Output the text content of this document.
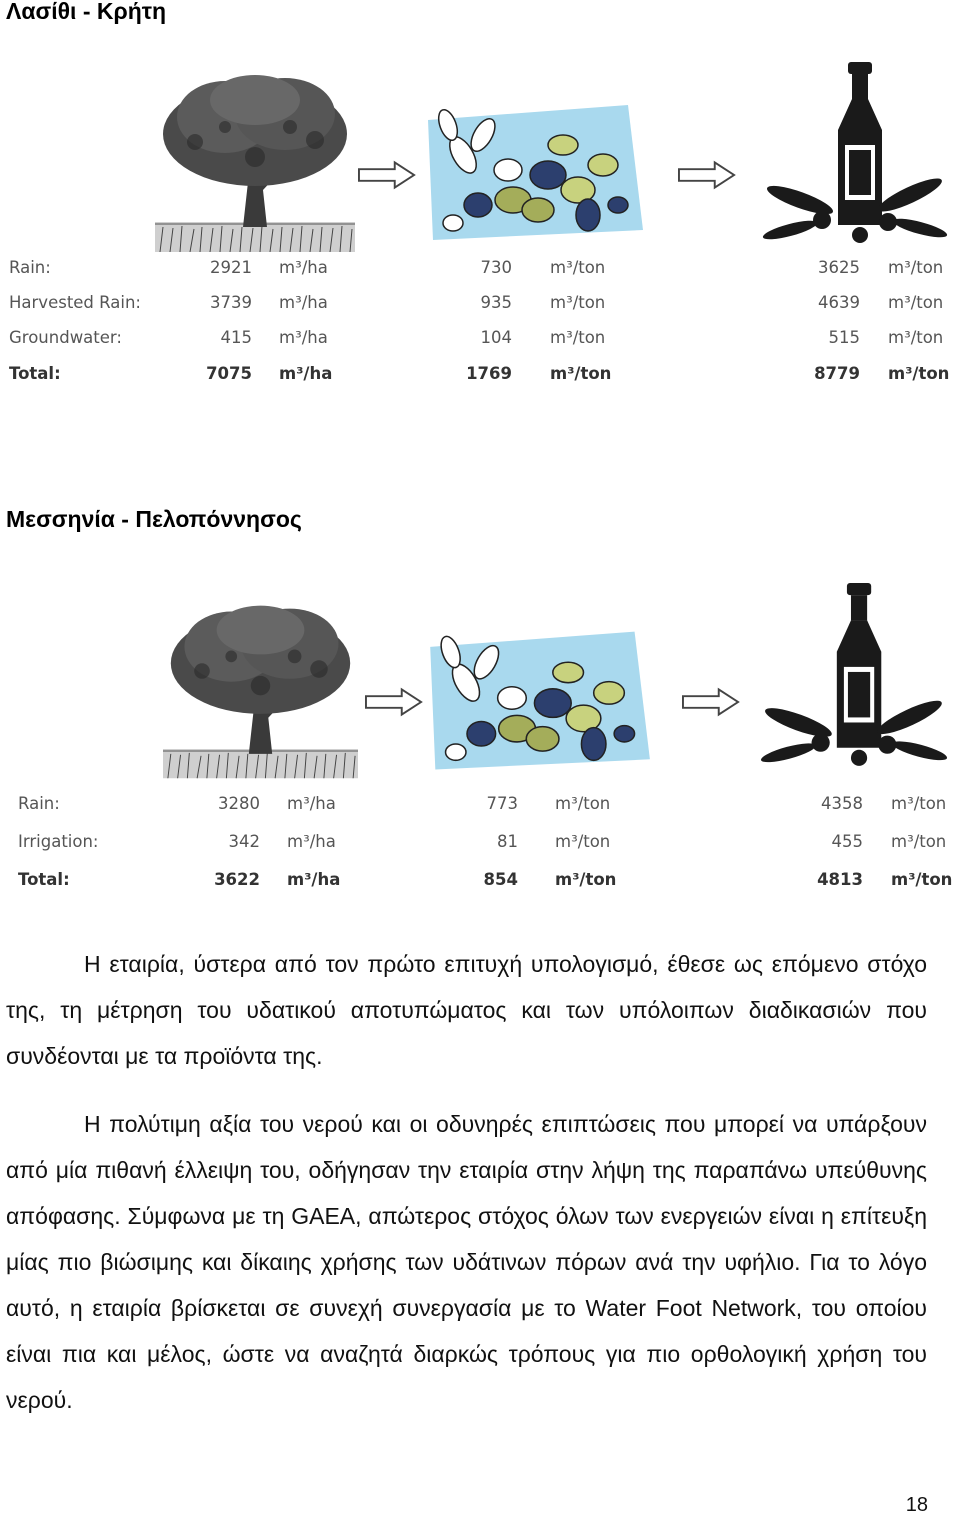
Λασίθι - Κρήτη
Rain:	2921 m³/ha	730 m³/ton	3625 m³/ton
Harvested Rain:	3739 m³/ha	935 m³/ton	4639 m³/ton
Groundwater:	415 m³/ha	104 m³/ton	515 m³/ton
Total:	7075 m³/ha	1769 m³/ton	8779 m³/ton
Μεσσηνία - Πελοπόννησος
Rain:	3280 m³/ha	773 m³/ton	4358 m³/ton
Irrigation:	342 m³/ha	81 m³/ton	455 m³/ton
Total:	3622 m³/ha	854 m³/ton	4813 m³/ton

Η εταιρία, ύστερα από τον πρώτο επιτυχή υπολογισμό, έθεσε ως επόμενο στόχο της, τη μέτρηση του υδατικού αποτυπώματος και των υπόλοιπων διαδικασιών που συνδέονται με τα προϊόντα της.

Η πολύτιμη αξία του νερού και οι οδυνηρές επιπτώσεις που μπορεί να υπάρξουν από μία πιθανή έλλειψη του, οδήγησαν την εταιρία στην λήψη της παραπάνω υπεύθυνης απόφασης. Σύμφωνα με τη GAEA, απώτερος στόχος όλων των ενεργειών είναι η επίτευξη μίας πιο βιώσιμης και δίκαιης χρήσης των υδάτινων πόρων ανά την υφήλιο. Για το λόγο αυτό, η εταιρία βρίσκεται σε συνεχή συνεργασία με το Water Foot Network, του οποίου είναι πια και μέλος, ώστε να αναζητά διαρκώς τρόπους για πιο ορθολογική χρήση του νερού.

18
